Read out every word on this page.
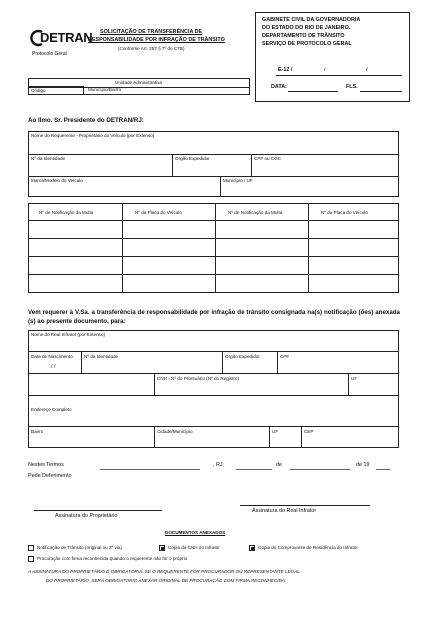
DETRAN
Protocolo Geral
SOLICITAÇÃO DE TRANSFERÊNCIA DE
RESPONSABILIDADE POR INFRAÇÃO DE TRÂNSITO
(Conforme Art. 257 § 7º do CTB)
GABINETE CIVIL DA GOVERNADORIA
DO ESTADO DO RIO DE JANEIRO.
DEPARTAMENTO DE TRÂNSITO
SERVIÇO DE PROTOCOLO GERAL
E-12 /	/	/
DATA:	FLS.
Unidade Administrativa
Código	Município/Bairro
Ao Ilmo. Sr. Presidente do DETRAN/RJ:
Nome do Requerente - Proprietário do Veículo (por Extenso)
Nº da Identidade	Órgão Expedidor	CPF ou CGC
Marca/Modelo do Veículo	Município / UF
Nº de Notificação da Multa	Nº da Placa do Veículo	Nº de Notificação da Multa	Nº da Placa do Veículo
Vem requerer à V.Sa. a transferência de responsabilidade por infração de trânsito consignada na(s) notificação (ões) anexada (s) ao presente documento, para:
Nome do Real Infrator (por Extenso)
Data de Nascimento
/ /
Nº da Identidade	Órgão Expedidor	CPF
CNH - Nº do Prontuário (Nº do Registro)	UF
Endereço Completo
Bairro	Cidade/Município	UF	CEP
Nestes Termos
Pede Deferimento
, RJ,	de	de 19
Assinatura do Proprietário
Assinatura do Real Infrator
DOCUMENTOS ANEXADOS
Notificação de Trânsito (original ou 2ª via)	Cópia da CNH do Infrator	Cópia do Comprovante de Residência do Infrator
Procuração com firma reconhecida quando o requerente não for o próprio
A ASSINATURA DO PROPRIETÁRIO É OBRIGATÓRIA. SE O REQUERENTE FOR PROCURADOR OU REPRESENTANTE LEGAL
DO PROPRIETÁRIO, SERÁ OBRIGATÓRIO ANEXAR ORIGINAL DE PROCURAÇÃO COM FIRMA RECONHECIDA.
